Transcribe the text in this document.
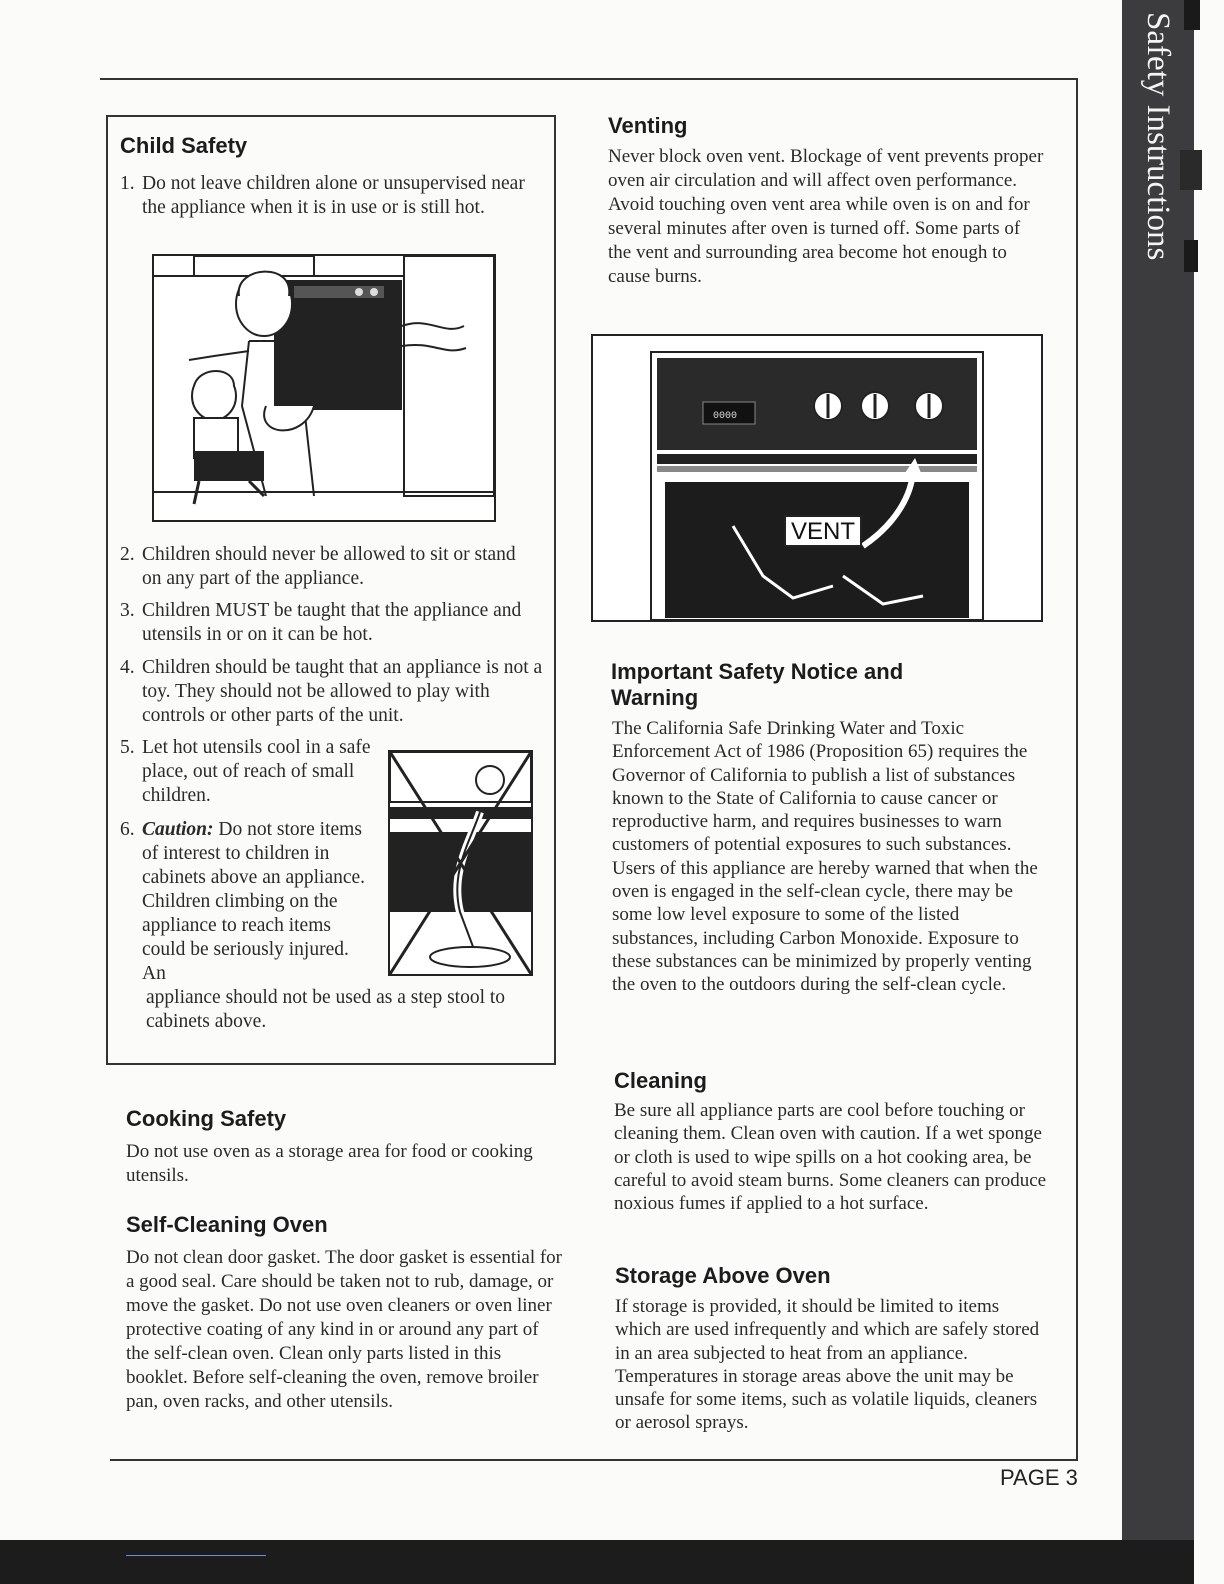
Safety Instructions
Child Safety
1. Do not leave children alone or unsupervised near the appliance when it is in use or is still hot.
2. Children should never be allowed to sit or stand on any part of the appliance.
3. Children MUST be taught that the appliance and utensils in or on it can be hot.
4. Children should be taught that an appliance is not a toy. They should not be allowed to play with controls or other parts of the unit.
5. Let hot utensils cool in a safe place, out of reach of small children.
6. Caution: Do not store items of interest to children in cabinets above an appliance. Children climbing on the appliance to reach items could be seriously injured. An
appliance should not be used as a step stool to cabinets above.
Cooking Safety

Do not use oven as a storage area for food or cooking utensils.

Self-Cleaning Oven

Do not clean door gasket. The door gasket is essential for a good seal. Care should be taken not to rub, damage, or move the gasket. Do not use oven cleaners or oven liner protective coating of any kind in or around any part of the self-clean oven. Clean only parts listed in this booklet. Before self-cleaning the oven, remove broiler pan, oven racks, and other utensils.

Venting

Never block oven vent. Blockage of vent prevents proper oven air circulation and will affect oven performance. Avoid touching oven vent area while oven is on and for several minutes after oven is turned off. Some parts of the vent and surrounding area become hot enough to cause burns.

0000
VENT
Important Safety Notice and
Warning

The California Safe Drinking Water and Toxic Enforcement Act of 1986 (Proposition 65) requires the Governor of California to publish a list of substances known to the State of California to cause cancer or reproductive harm, and requires businesses to warn customers of potential exposures to such substances. Users of this appliance are hereby warned that when the oven is engaged in the self-clean cycle, there may be some low level exposure to some of the listed substances, including Carbon Monoxide. Exposure to these substances can be minimized by properly venting the oven to the outdoors during the self-clean cycle.

Cleaning

Be sure all appliance parts are cool before touching or cleaning them. Clean oven with caution. If a wet sponge or cloth is used to wipe spills on a hot cooking area, be careful to avoid steam burns. Some cleaners can produce noxious fumes if applied to a hot surface.

Storage Above Oven

If storage is provided, it should be limited to items which are used infrequently and which are safely stored in an area subjected to heat from an appliance. Temperatures in storage areas above the unit may be unsafe for some items, such as volatile liquids, cleaners or aerosol sprays.

PAGE 3
